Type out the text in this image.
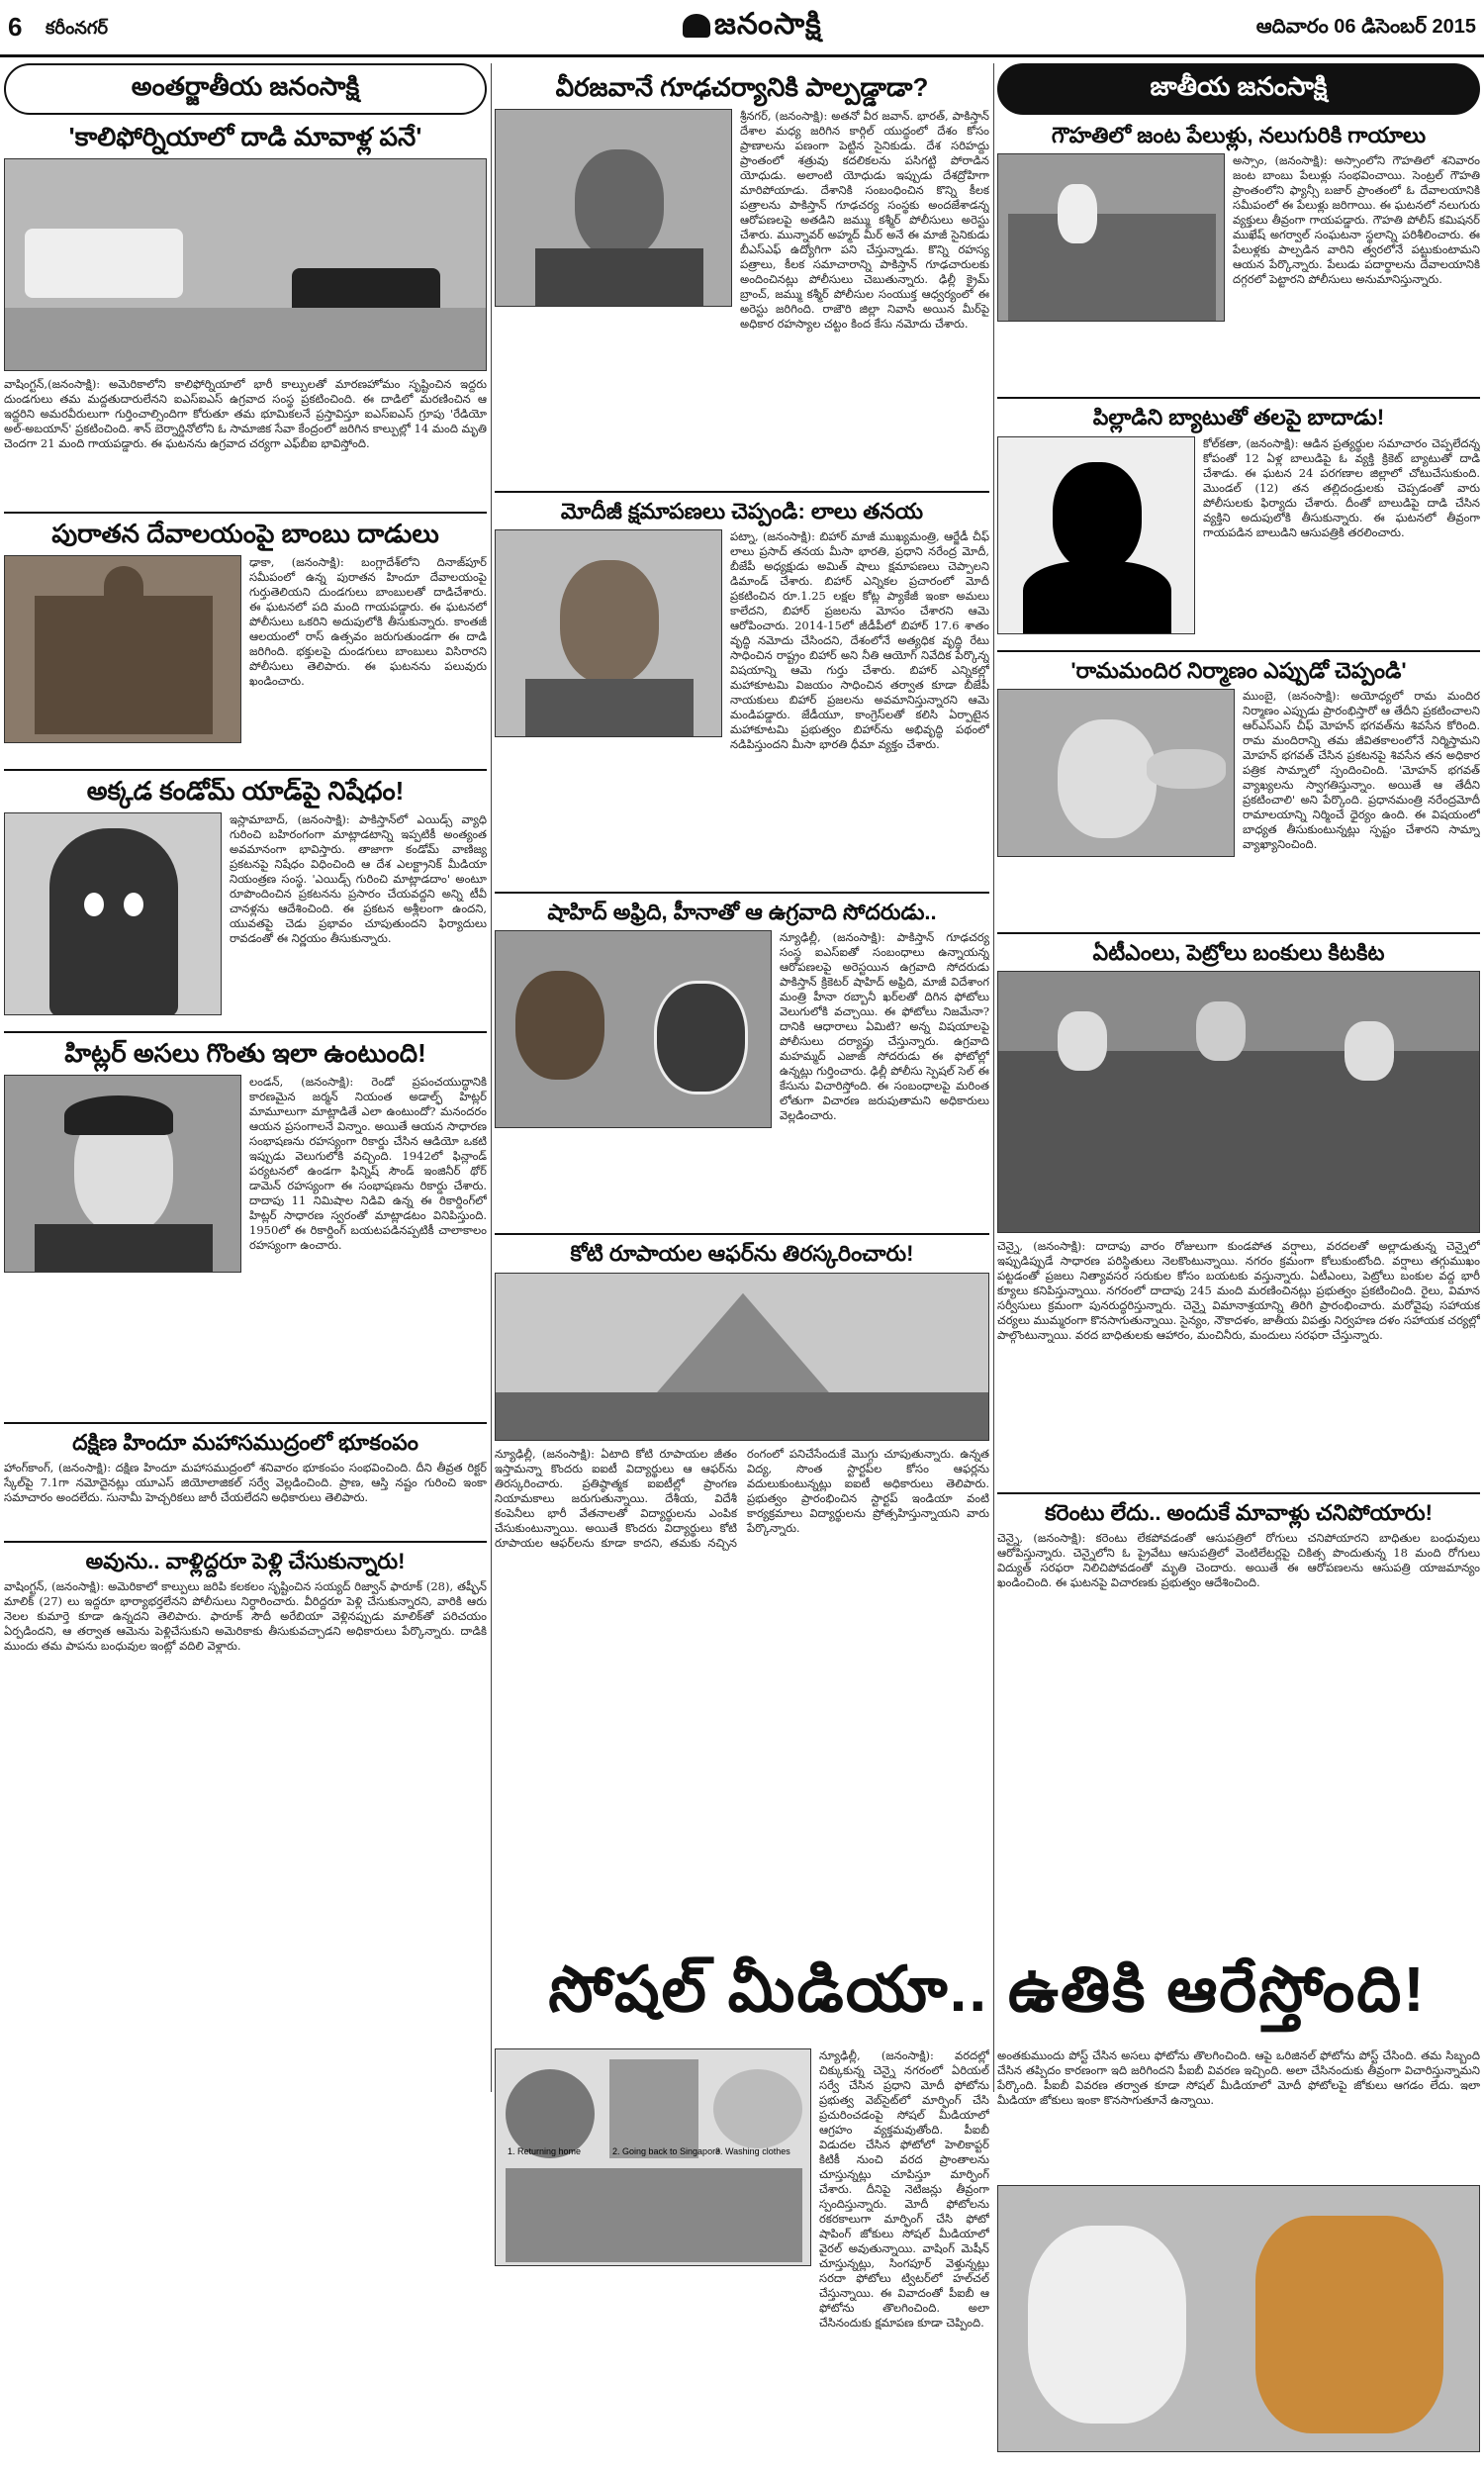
6 కరీంనగర్	జనంసాక్షి	ఆదివారం 06 డిసెంబర్ 2015
అంతర్జాతీయ జనంసాక్షి
'కాలిఫోర్నియాలో దాడి మావాళ్ల పనే'
వాషింగ్టన్,(జనంసాక్షి): అమెరికాలోని కాలిఫోర్నియాలో భారీ కాల్పులతో మారణహోమం సృష్టించిన ఇద్దరు దుండగులు తమ మద్దతుదారులేనని ఐఎస్ఐఎస్ ఉగ్రవాద సంస్థ ప్రకటించింది. ఈ దాడిలో మరణించిన ఆ ఇద్దరిని అమరవీరులుగా గుర్తించాల్సిందిగా కోరుతూ తమ భూమికలనే ప్రస్తావిస్తూ ఐఎస్ఐఎస్ గ్రూపు 'రేడియో అల్-అబయాన్' ప్రకటించింది. శాన్ బెర్నార్డినోలోని ఓ సామాజిక సేవా కేంద్రంలో జరిగిన కాల్పుల్లో 14 మంది మృతి చెందగా 21 మంది గాయపడ్డారు. ఈ ఘటనను ఉగ్రవాద చర్యగా ఎఫ్‌బీఐ భావిస్తోంది.
పురాతన దేవాలయంపై బాంబు దాడులు
ఢాకా, (జనంసాక్షి): బంగ్లాదేశ్‌లోని దినాజ్‌పూర్ సమీపంలో ఉన్న పురాతన హిందూ దేవాలయంపై గుర్తుతెలియని దుండగులు బాంబులతో దాడిచేశారు. ఈ ఘటనలో పది మంది గాయపడ్డారు. ఈ ఘటనలో పోలీసులు ఒకరిని అదుపులోకి తీసుకున్నారు. కాంతజీ ఆలయంలో రాస్ ఉత్సవం జరుగుతుండగా ఈ దాడి జరిగింది. భక్తులపై దుండగులు బాంబులు విసిరారని పోలీసులు తెలిపారు. ఈ ఘటనను పలువురు ఖండించారు.
అక్కడ కండోమ్ యాడ్‌పై నిషేధం!
ఇస్లామాబాద్, (జనంసాక్షి): పాకిస్తాన్‌లో ఎయిడ్స్ వ్యాధి గురించి బహిరంగంగా మాట్లాడటాన్ని ఇప్పటికీ అంత్యంత అవమానంగా భావిస్తారు. తాజాగా కండోమ్ వాణిజ్య ప్రకటనపై నిషేధం విధించింది ఆ దేశ ఎలక్ట్రానిక్ మీడియా నియంత్రణ సంస్థ. 'ఎయిడ్స్ గురించి మాట్లాడదాం' అంటూ రూపొందించిన ప్రకటనను ప్రసారం చేయవద్దని అన్ని టీవీ చానళ్లను ఆదేశించింది. ఈ ప్రకటన అశ్లీలంగా ఉందని, యువతపై చెడు ప్రభావం చూపుతుందని ఫిర్యాదులు రావడంతో ఈ నిర్ణయం తీసుకున్నారు.
హిట్లర్ అసలు గొంతు ఇలా ఉంటుంది!
లండన్, (జనంసాక్షి): రెండో ప్రపంచయుద్ధానికి కారణమైన జర్మన్ నియంత అడాల్ఫ్ హిట్లర్ మామూలుగా మాట్లాడితే ఎలా ఉంటుందో? మనందరం ఆయన ప్రసంగాలనే విన్నాం. అయితే ఆయన సాధారణ సంభాషణను రహస్యంగా రికార్డు చేసిన ఆడియో ఒకటి ఇప్పుడు వెలుగులోకి వచ్చింది. 1942లో ఫిన్లాండ్ పర్యటనలో ఉండగా ఫిన్నిష్ సౌండ్ ఇంజినీర్ థోర్ డామెన్ రహస్యంగా ఈ సంభాషణను రికార్డు చేశారు. దాదాపు 11 నిమిషాల నిడివి ఉన్న ఈ రికార్డింగ్‌లో హిట్లర్ సాధారణ స్వరంతో మాట్లాడటం వినిపిస్తుంది. 1950లో ఈ రికార్డింగ్ బయటపడినప్పటికీ చాలాకాలం రహస్యంగా ఉంచారు.
దక్షిణ హిందూ మహాసముద్రంలో భూకంపం
హాంగ్‌కాంగ్, (జనంసాక్షి): దక్షిణ హిందూ మహాసముద్రంలో శనివారం భూకంపం సంభవించింది. దీని తీవ్రత రిక్టర్ స్కేల్‌పై 7.1గా నమోదైనట్లు యూఎస్ జియోలాజికల్ సర్వే వెల్లడించింది. ప్రాణ, ఆస్తి నష్టం గురించి ఇంకా సమాచారం అందలేదు. సునామీ హెచ్చరికలు జారీ చేయలేదని అధికారులు తెలిపారు.
అవును.. వాళ్లిద్దరూ పెళ్లి చేసుకున్నారు!
వాషింగ్టన్, (జనంసాక్షి): అమెరికాలో కాల్పులు జరిపి కలకలం సృష్టించిన సయ్యద్ రిజ్వాన్ ఫారూక్ (28), తష్ఫీన్ మాలిక్ (27) లు ఇద్దరూ భార్యాభర్తలేనని పోలీసులు నిర్ధారించారు. వీరిద్దరూ పెళ్లి చేసుకున్నారని, వారికి ఆరు నెలల కుమార్తె కూడా ఉన్నదని తెలిపారు. ఫారూక్ సౌదీ అరేబియా వెళ్లినప్పుడు మాలిక్‌తో పరిచయం ఏర్పడిందని, ఆ తర్వాత ఆమెను పెళ్లిచేసుకుని అమెరికాకు తీసుకువచ్చాడని అధికారులు పేర్కొన్నారు. దాడికి ముందు తమ పాపను బంధువుల ఇంట్లో వదిలి వెళ్లారు.
వీరజవానే గూఢచర్యానికి పాల్పడ్డాడా?
శ్రీనగర్, (జనంసాక్షి): అతనో వీర జవాన్. భారత్, పాకిస్తాన్ దేశాల మధ్య జరిగిన కార్గిల్ యుద్ధంలో దేశం కోసం ప్రాణాలను పణంగా పెట్టిన సైనికుడు. దేశ సరిహద్దు ప్రాంతంలో శత్రువు కదలికలను పసిగట్టి పోరాడిన యోధుడు. అలాంటి యోధుడు ఇప్పుడు దేశద్రోహిగా మారిపోయాడు. దేశానికి సంబంధించిన కొన్ని కీలక పత్రాలను పాకిస్తాన్ గూఢచర్య సంస్థకు అందజేశాడన్న ఆరోపణలపై అతడిని జమ్ము కశ్మీర్ పోలీసులు అరెస్టు చేశారు. మున్నావర్ అహ్మద్ మీర్ అనే ఈ మాజీ సైనికుడు బీఎస్ఎఫ్ ఉద్యోగిగా పని చేస్తున్నాడు. కొన్ని రహస్య పత్రాలు, కీలక సమాచారాన్ని పాకిస్తాన్ గూఢచారులకు అందించినట్లు పోలీసులు చెబుతున్నారు. ఢిల్లీ క్రైమ్ బ్రాంచ్, జమ్ము కశ్మీర్ పోలీసుల సంయుక్త ఆధ్వర్యంలో ఈ అరెస్టు జరిగింది. రాజౌరి జిల్లా నివాసి అయిన మీర్‌పై అధికార రహస్యాల చట్టం కింద కేసు నమోదు చేశారు.
మోదీజీ క్షమాపణలు చెప్పండి: లాలు తనయ
పట్నా, (జనంసాక్షి): బిహార్ మాజీ ముఖ్యమంత్రి, ఆర్జేడీ చీఫ్ లాలు ప్రసాద్ తనయ మీసా భారతి, ప్రధాని నరేంద్ర మోదీ, బీజేపీ అధ్యక్షుడు అమిత్ షాలు క్షమాపణలు చెప్పాలని డిమాండ్ చేశారు. బిహార్ ఎన్నికల ప్రచారంలో మోదీ ప్రకటించిన రూ.1.25 లక్షల కోట్ల ప్యాకేజీ ఇంకా అమలు కాలేదని, బిహార్ ప్రజలను మోసం చేశారని ఆమె ఆరోపించారు. 2014-15లో జీడీపీలో బిహార్ 17.6 శాతం వృద్ధి నమోదు చేసిందని, దేశంలోనే అత్యధిక వృద్ధి రేటు సాధించిన రాష్ట్రం బిహార్ అని నీతి ఆయోగ్ నివేదిక పేర్కొన్న విషయాన్ని ఆమె గుర్తు చేశారు. బిహార్ ఎన్నికల్లో మహాకూటమి విజయం సాధించిన తర్వాత కూడా బీజేపీ నాయకులు బిహార్ ప్రజలను అవమానిస్తున్నారని ఆమె మండిపడ్డారు. జేడీయూ, కాంగ్రెస్‌లతో కలిసి ఏర్పాటైన మహాకూటమి ప్రభుత్వం బిహార్‌ను అభివృద్ధి పథంలో నడిపిస్తుందని మీసా భారతి ధీమా వ్యక్తం చేశారు.
షాహిద్ అఫ్రిది, హీనాతో ఆ ఉగ్రవాది సోదరుడు..
న్యూఢిల్లీ, (జనంసాక్షి): పాకిస్తాన్ గూఢచర్య సంస్థ ఐఎస్ఐతో సంబంధాలు ఉన్నాయన్న ఆరోపణలపై అరెస్టయిన ఉగ్రవాది సోదరుడు పాకిస్తాన్ క్రికెటర్ షాహిద్ అఫ్రిది, మాజీ విదేశాంగ మంత్రి హీనా రబ్బానీ ఖర్‌లతో దిగిన ఫోటోలు వెలుగులోకి వచ్చాయి. ఈ ఫోటోలు నిజమేనా? దానికి ఆధారాలు ఏమిటి? అన్న విషయాలపై పోలీసులు దర్యాప్తు చేస్తున్నారు. ఉగ్రవాది మహమ్మద్ ఎజాజ్ సోదరుడు ఈ ఫోటోల్లో ఉన్నట్లు గుర్తించారు. ఢిల్లీ పోలీసు స్పెషల్ సెల్ ఈ కేసును విచారిస్తోంది. ఈ సంబంధాలపై మరింత లోతుగా విచారణ జరుపుతామని అధికారులు వెల్లడించారు.
కోటి రూపాయల ఆఫర్‌ను తిరస్కరించారు!
న్యూఢిల్లీ, (జనంసాక్షి): ఏటాది కోటి రూపాయల జీతం ఇస్తామన్నా కొందరు ఐఐటీ విద్యార్థులు ఆ ఆఫర్‌ను తిరస్కరించారు. ప్రతిష్ఠాత్మక ఐఐటీల్లో ప్రాంగణ నియామకాలు జరుగుతున్నాయి. దేశీయ, విదేశీ కంపెనీలు భారీ వేతనాలతో విద్యార్థులను ఎంపిక చేసుకుంటున్నాయి. అయితే కొందరు విద్యార్థులు కోటి రూపాయల ఆఫర్‌లను కూడా కాదని, తమకు నచ్చిన రంగంలో పనిచేసేందుకే మొగ్గు చూపుతున్నారు. ఉన్నత విద్య, సొంత స్టార్టప్‌ల కోసం ఆఫర్లను వదులుకుంటున్నట్లు ఐఐటీ అధికారులు తెలిపారు. ప్రభుత్వం ప్రారంభించిన స్టార్టప్ ఇండియా వంటి కార్యక్రమాలు విద్యార్థులను ప్రోత్సహిస్తున్నాయని వారు పేర్కొన్నారు.
సోషల్ మీడియా.. ఉతికి ఆరేస్తోంది!
1. Returning home	2. Going back to Singapore
3. Washing clothes
న్యూఢిల్లీ, (జనంసాక్షి): వరదల్లో చిక్కుకున్న చెన్నై నగరంలో ఏరియల్ సర్వే చేసిన ప్రధాని మోదీ ఫోటోను ప్రభుత్వ వెబ్‌సైట్‌లో మార్ఫింగ్ చేసి ప్రచురించడంపై సోషల్ మీడియాలో ఆగ్రహం వ్యక్తమవుతోంది. పీఐబీ విడుదల చేసిన ఫోటోలో హెలికాప్టర్ కిటికీ నుంచి వరద ప్రాంతాలను చూస్తున్నట్లు చూపిస్తూ మార్ఫింగ్ చేశారు. దీనిపై నెటిజన్లు తీవ్రంగా స్పందిస్తున్నారు. మోదీ ఫోటోలను రకరకాలుగా మార్ఫింగ్ చేసి ఫోటో షాపింగ్ జోకులు సోషల్ మీడియాలో వైరల్ అవుతున్నాయి. వాషింగ్ మెషీన్ చూస్తున్నట్లు, సింగపూర్ వెళ్తున్నట్లు సరదా ఫోటోలు ట్విటర్‌లో హల్‌చల్ చేస్తున్నాయి. ఈ వివాదంతో పీఐబీ ఆ ఫోటోను తొలగించింది. అలా చేసినందుకు క్షమాపణ కూడా చెప్పింది.
జాతీయ జనంసాక్షి
గౌహతిలో జంట పేలుళ్లు, నలుగురికి గాయాలు
అస్సాం, (జనంసాక్షి): అస్సాంలోని గౌహతిలో శనివారం జంట బాంబు పేలుళ్లు సంభవించాయి. సెంట్రల్ గౌహతి ప్రాంతంలోని ఫ్యాన్సీ బజార్ ప్రాంతంలో ఓ దేవాలయానికి సమీపంలో ఈ పేలుళ్లు జరిగాయి. ఈ ఘటనలో నలుగురు వ్యక్తులు తీవ్రంగా గాయపడ్డారు. గౌహతి పోలీస్ కమిషనర్ ముఖేష్ అగర్వాల్ సంఘటనా స్థలాన్ని పరిశీలించారు. ఈ పేలుళ్లకు పాల్పడిన వారిని త్వరలోనే పట్టుకుంటామని ఆయన పేర్కొన్నారు. పేలుడు పదార్థాలను దేవాలయానికి దగ్గరలో పెట్టారని పోలీసులు అనుమానిస్తున్నారు.
పిల్లాడిని బ్యాటుతో తలపై బాదాడు!
కోల్‌కతా, (జనంసాక్షి): ఆడిన ప్రత్యర్థుల సమాచారం చెప్పలేదన్న కోపంతో 12 ఏళ్ల బాలుడిపై ఓ వ్యక్తి క్రికెట్ బ్యాటుతో దాడి చేశాడు. ఈ ఘటన 24 పరగణాల జిల్లాలో చోటుచేసుకుంది. మొండల్ (12) తన తల్లిదండ్రులకు చెప్పడంతో వారు పోలీసులకు ఫిర్యాదు చేశారు. దీంతో బాలుడిపై దాడి చేసిన వ్యక్తిని అదుపులోకి తీసుకున్నారు. ఈ ఘటనలో తీవ్రంగా గాయపడిన బాలుడిని ఆసుపత్రికి తరలించారు.
'రామమందిర నిర్మాణం ఎప్పుడో చెప్పండి'
ముంబై, (జనంసాక్షి): అయోధ్యలో రామ మందిర నిర్మాణం ఎప్పుడు ప్రారంభిస్తారో ఆ తేదీని ప్రకటించాలని ఆర్ఎస్ఎస్ చీఫ్ మోహన్ భగవత్‌ను శివసేన కోరింది. రామ మందిరాన్ని తమ జీవితకాలంలోనే నిర్మిస్తామని మోహన్ భగవత్ చేసిన ప్రకటనపై శివసేన తన అధికార పత్రిక సామ్నాలో స్పందించింది. 'మోహన్ భగవత్ వ్యాఖ్యలను స్వాగతిస్తున్నాం. అయితే ఆ తేదీని ప్రకటించాలి' అని పేర్కొంది. ప్రధానమంత్రి నరేంద్రమోదీ రామాలయాన్ని నిర్మించే ధైర్యం ఉంది. ఈ విషయంలో బాధ్యత తీసుకుంటున్నట్లు స్పష్టం చేశారని సామ్నా వ్యాఖ్యానించింది.
ఏటీఎంలు, పెట్రోలు బంకులు కిటకిట
చెన్నై, (జనంసాక్షి): దాదాపు వారం రోజులుగా కుండపోత వర్షాలు, వరదలతో అల్లాడుతున్న చెన్నైలో ఇప్పుడిప్పుడే సాధారణ పరిస్థితులు నెలకొంటున్నాయి. నగరం క్రమంగా కోలుకుంటోంది. వర్షాలు తగ్గుముఖం పట్టడంతో ప్రజలు నిత్యావసర సరుకుల కోసం బయటకు వస్తున్నారు. ఏటీఎంలు, పెట్రోలు బంకుల వద్ద భారీ క్యూలు కనిపిస్తున్నాయి. నగరంలో దాదాపు 245 మంది మరణించినట్లు ప్రభుత్వం ప్రకటించింది. రైలు, విమాన సర్వీసులు క్రమంగా పునరుద్ధరిస్తున్నారు. చెన్నై విమానాశ్రయాన్ని తిరిగి ప్రారంభించారు. మరోవైపు సహాయక చర్యలు ముమ్మరంగా కొనసాగుతున్నాయి. సైన్యం, నౌకాదళం, జాతీయ విపత్తు నిర్వహణ దళం సహాయక చర్యల్లో పాల్గొంటున్నాయి. వరద బాధితులకు ఆహారం, మంచినీరు, మందులు సరఫరా చేస్తున్నారు.
కరెంటు లేదు.. అందుకే మావాళ్లు చనిపోయారు!
చెన్నై, (జనంసాక్షి): కరెంటు లేకపోవడంతో ఆసుపత్రిలో రోగులు చనిపోయారని బాధితుల బంధువులు ఆరోపిస్తున్నారు. చెన్నైలోని ఓ ప్రైవేటు ఆసుపత్రిలో వెంటిలేటర్లపై చికిత్స పొందుతున్న 18 మంది రోగులు విద్యుత్ సరఫరా నిలిచిపోవడంతో మృతి చెందారు. అయితే ఈ ఆరోపణలను ఆసుపత్రి యాజమాన్యం ఖండించింది. ఈ ఘటనపై విచారణకు ప్రభుత్వం ఆదేశించింది.
అంతకుముందు పోస్ట్ చేసిన అసలు ఫోటోను తొలగించింది. ఆపై ఒరిజినల్ ఫోటోను పోస్ట్ చేసింది. తమ సిబ్బంది చేసిన తప్పిదం కారణంగా ఇది జరిగిందని పీఐబీ వివరణ ఇచ్చింది. అలా చేసినందుకు తీవ్రంగా విచారిస్తున్నామని పేర్కొంది. పీఐబీ వివరణ తర్వాత కూడా సోషల్ మీడియాలో మోదీ ఫోటోలపై జోకులు ఆగడం లేదు. ఇలా మీడియా జోకులు ఇంకా కొనసాగుతూనే ఉన్నాయి.
